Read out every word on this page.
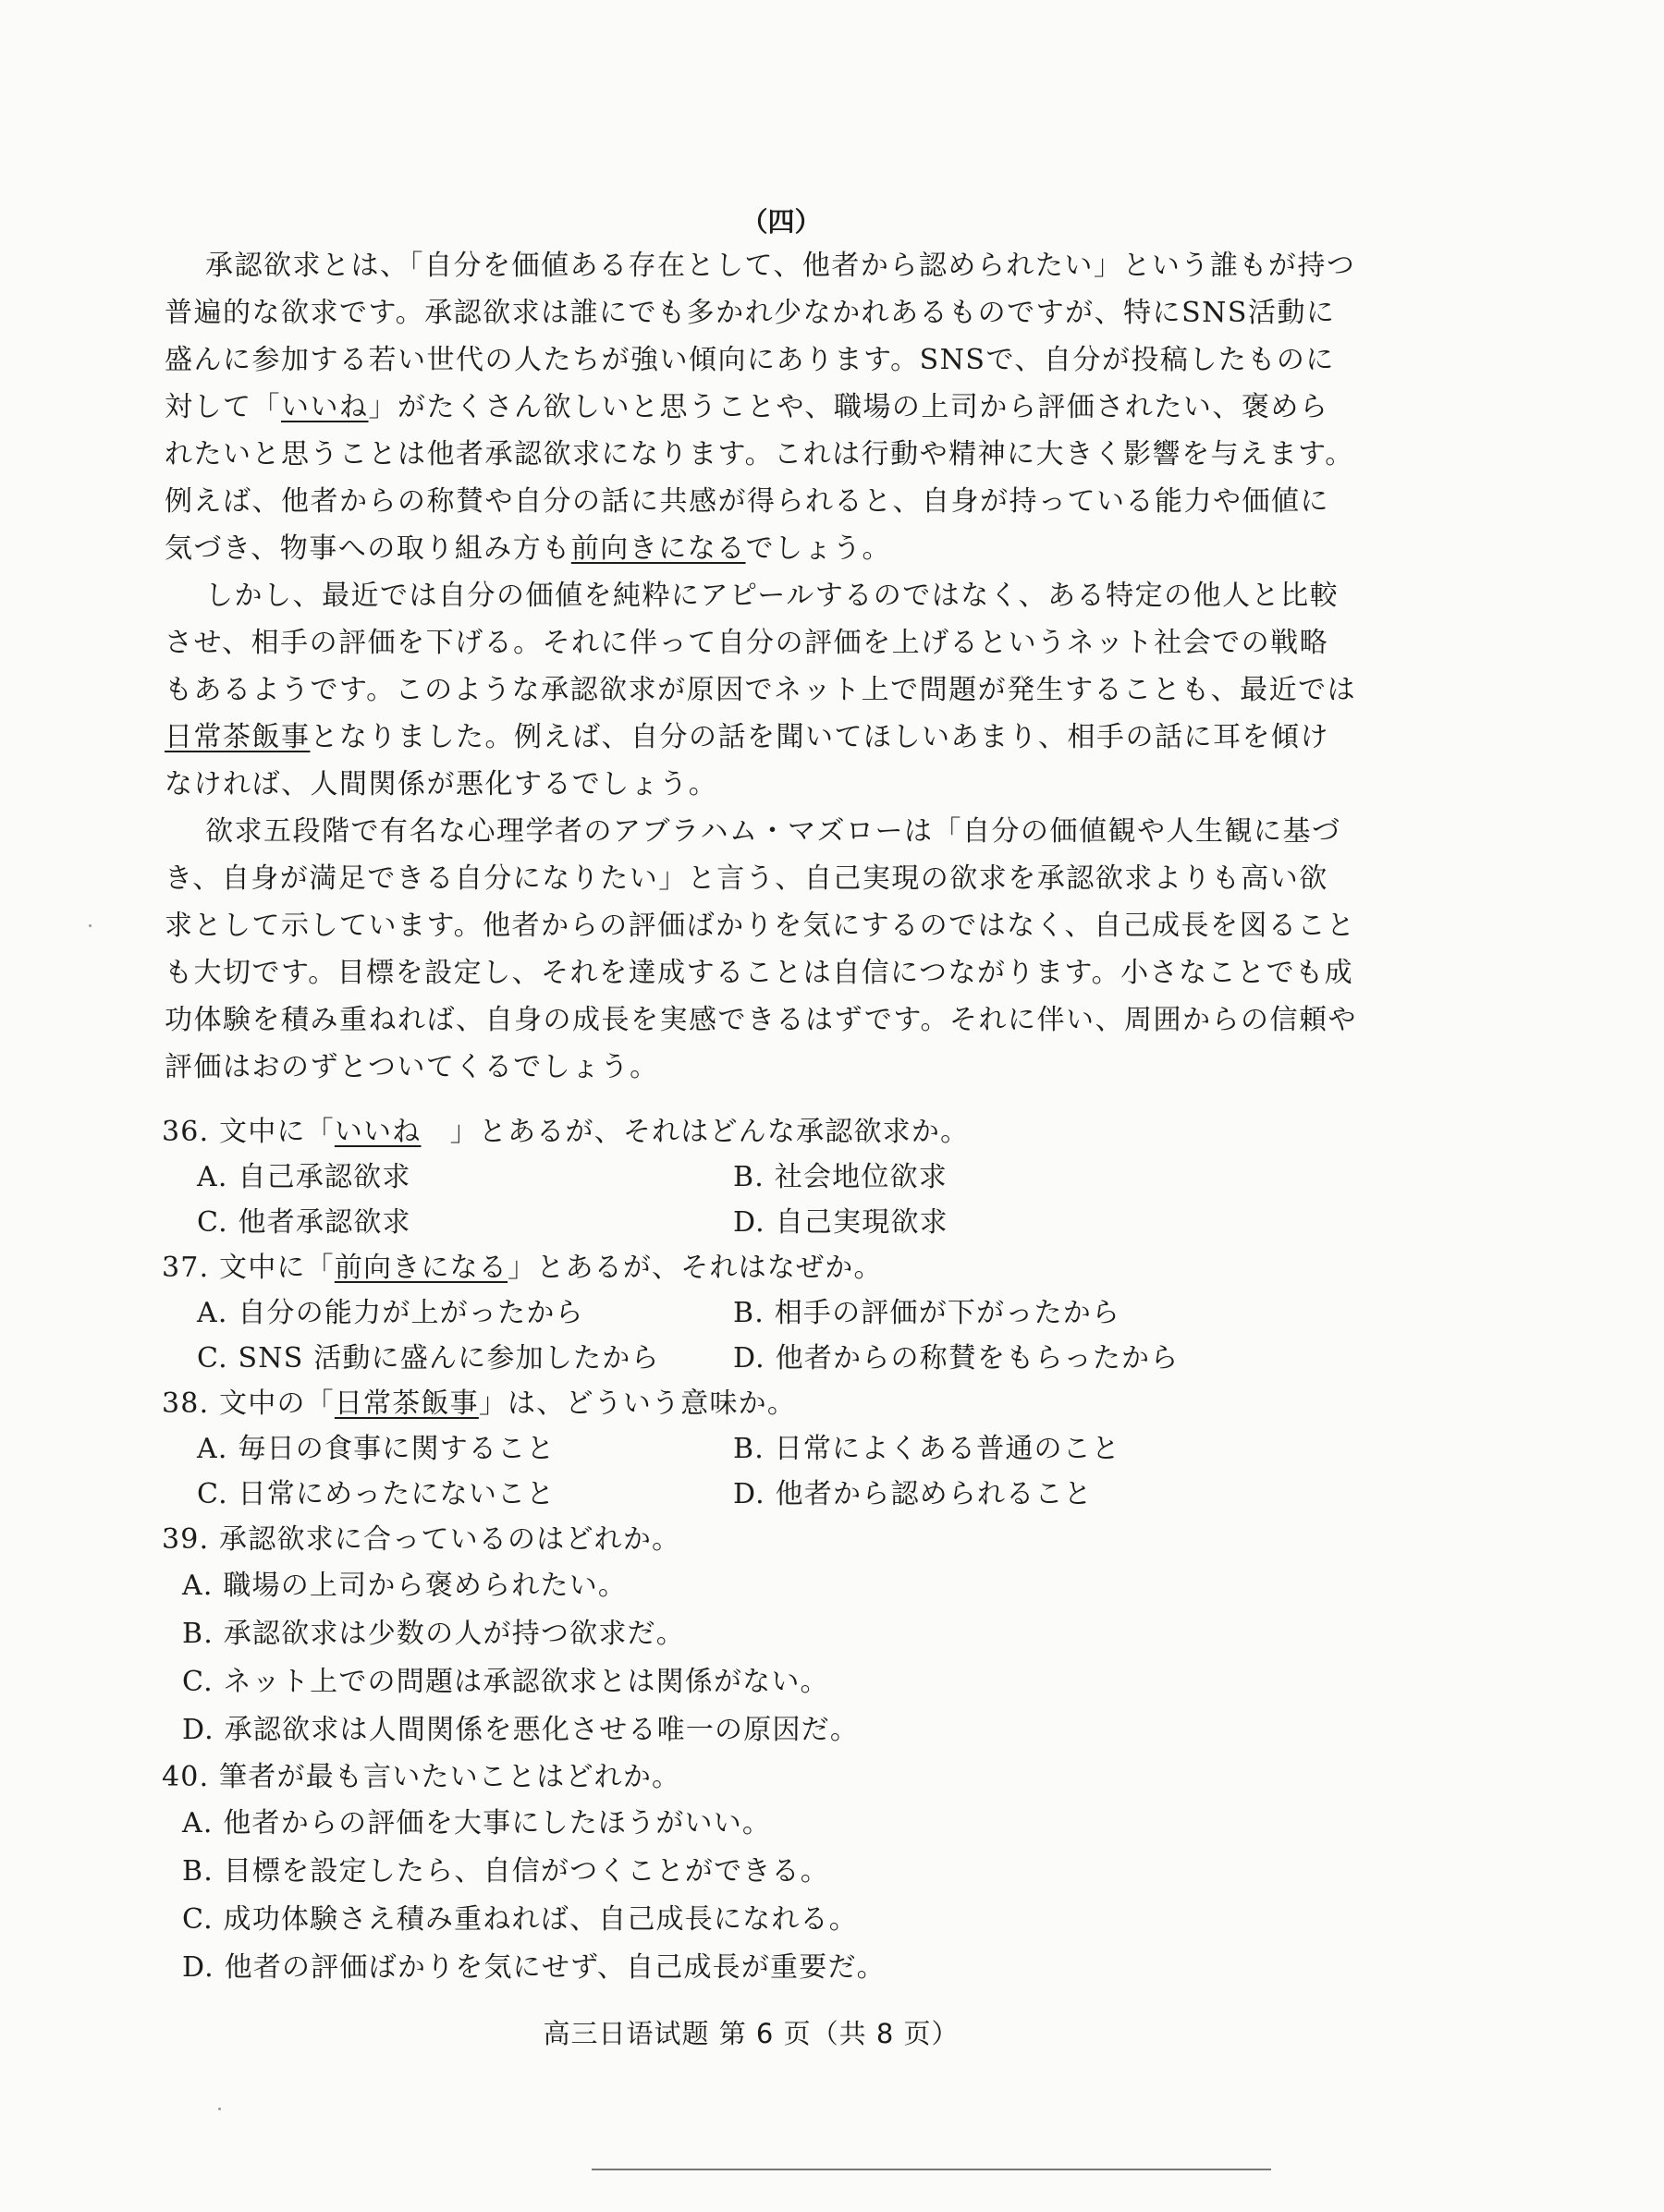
（四）

承認欲求とは、「自分を価値ある存在として、他者から認められたい」という誰もが持つ普遍的な欲求です。承認欲求は誰にでも多かれ少なかれあるものですが、特にSNS活動に盛んに参加する若い世代の人たちが強い傾向にあります。SNSで、自分が投稿したものに対して「いいね」がたくさん欲しいと思うことや、職場の上司から評価されたい、褒められたいと思うことは他者承認欲求になります。これは行動や精神に大きく影響を与えます。例えば、他者からの称賛や自分の話に共感が得られると、自身が持っている能力や価値に気づき、物事への取り組み方も前向きになるでしょう。

しかし、最近では自分の価値を純粋にアピールするのではなく、ある特定の他人と比較させ、相手の評価を下げる。それに伴って自分の評価を上げるというネット社会での戦略もあるようです。このような承認欲求が原因でネット上で問題が発生することも、最近では日常茶飯事となりました。例えば、自分の話を聞いてほしいあまり、相手の話に耳を傾けなければ、人間関係が悪化するでしょう。

欲求五段階で有名な心理学者のアブラハム・マズローは「自分の価値観や人生観に基づき、自身が満足できる自分になりたい」と言う、自己実現の欲求を承認欲求よりも高い欲求として示しています。他者からの評価ばかりを気にするのではなく、自己成長を図ることも大切です。目標を設定し、それを達成することは自信につながります。小さなことでも成功体験を積み重ねれば、自身の成長を実感できるはずです。それに伴い、周囲からの信頼や評価はおのずとついてくるでしょう。

36. 文中に「いいね　」とあるが、それはどんな承認欲求か。
A. 自己承認欲求	B. 社会地位欲求
C. 他者承認欲求	D. 自己実現欲求
37. 文中に「前向きになる」とあるが、それはなぜか。
A. 自分の能力が上がったから	B. 相手の評価が下がったから
C. SNS 活動に盛んに参加したから	D. 他者からの称賛をもらったから
38. 文中の「日常茶飯事」は、どういう意味か。
A. 毎日の食事に関すること	B. 日常によくある普通のこと
C. 日常にめったにないこと	D. 他者から認められること
39. 承認欲求に合っているのはどれか。
A. 職場の上司から褒められたい。
B. 承認欲求は少数の人が持つ欲求だ。
C. ネット上での問題は承認欲求とは関係がない。
D. 承認欲求は人間関係を悪化させる唯一の原因だ。
40. 筆者が最も言いたいことはどれか。
A. 他者からの評価を大事にしたほうがいい。
B. 目標を設定したら、自信がつくことができる。
C. 成功体験さえ積み重ねれば、自己成長になれる。
D. 他者の評価ばかりを気にせず、自己成長が重要だ。
高三日语试题 第 6 页（共 8 页）
